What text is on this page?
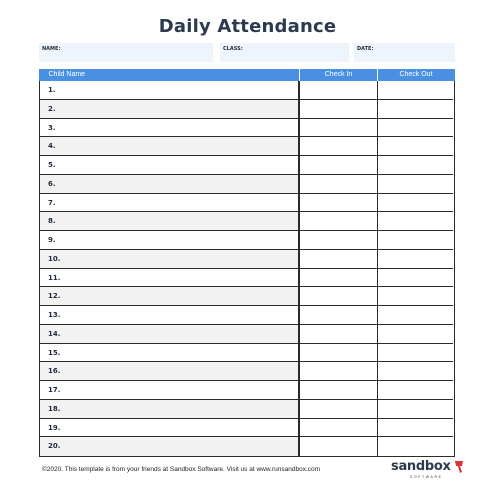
Daily Attendance
NAME:	CLASS:	DATE:
Child Name	Check In	Check Out
1.
2.
3.
4.
5.
6.
7.
8.
9.
10.
11.
12.
13.
14.
15.
16.
17.
18.
19.
20.
©2020. This template is from your friends at Sandbox Software. Visit us at www.runsandbox.com	sandbox
SOFTWARE
